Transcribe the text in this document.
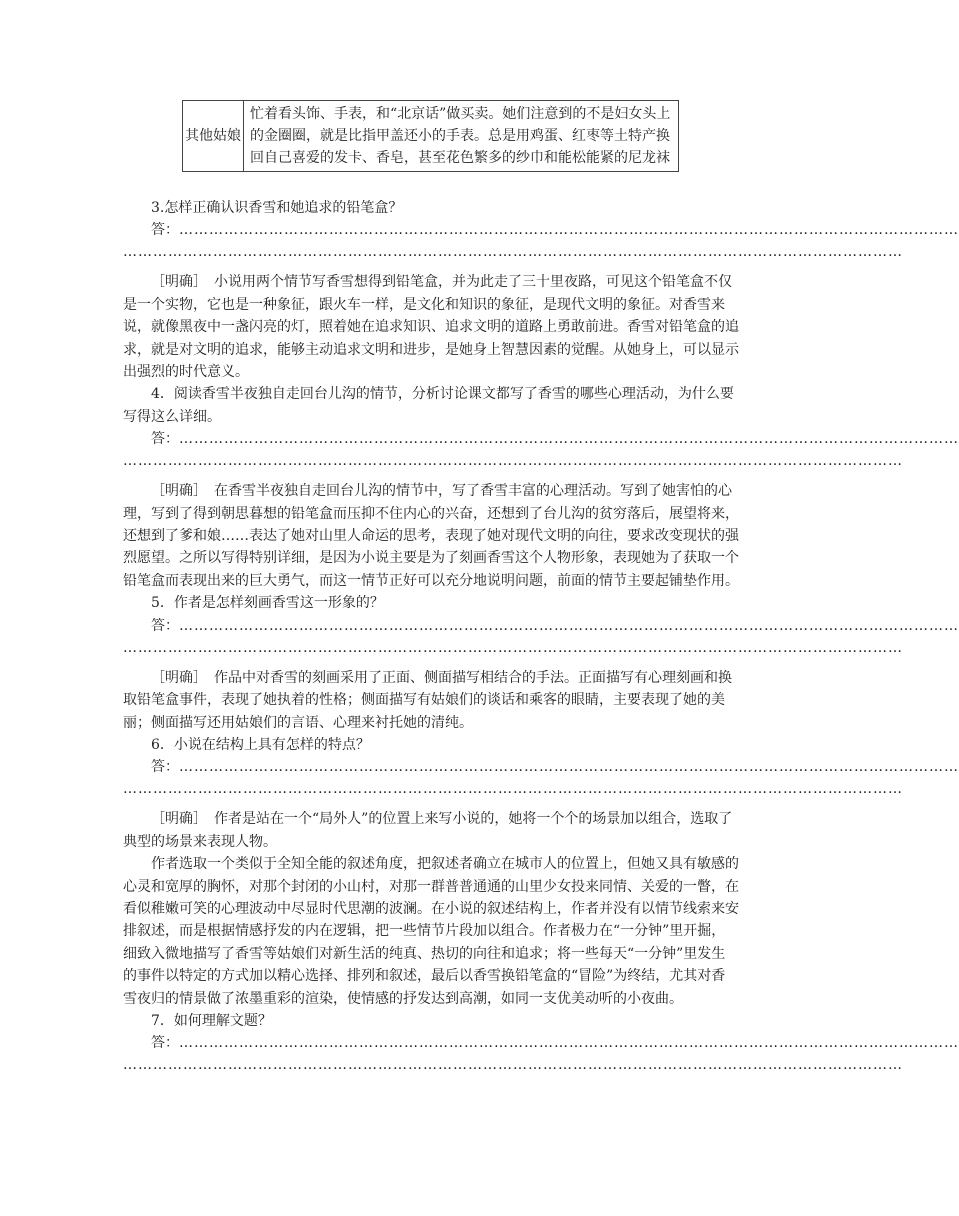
其他姑娘	忙着看头饰、手表，和“北京话”做买卖。她们注意到的不是妇女头上的金圈圈，就是比指甲盖还小的手表。总是用鸡蛋、红枣等土特产换回自己喜爱的发卡、香皂，甚至花色繁多的纱巾和能松能紧的尼龙袜

3.怎样正确认识香雪和她追求的铅笔盒？

答：…………………………………………………………………………………………………………………………………………
…………………………………………………………………………………………………………………………………………

［明确］　小说用两个情节写香雪想得到铅笔盒，并为此走了三十里夜路，可见这个铅笔盒不仅是一个实物，它也是一种象征，跟火车一样，是文化和知识的象征，是现代文明的象征。对香雪来说，就像黑夜中一盏闪亮的灯，照着她在追求知识、追求文明的道路上勇敢前进。香雪对铅笔盒的追求，就是对文明的追求，能够主动追求文明和进步，是她身上智慧因素的觉醒。从她身上，可以显示出强烈的时代意义。

4．阅读香雪半夜独自走回台儿沟的情节，分析讨论课文都写了香雪的哪些心理活动，为什么要写得这么详细。

答：…………………………………………………………………………………………………………………………………………
…………………………………………………………………………………………………………………………………………

［明确］　在香雪半夜独自走回台儿沟的情节中，写了香雪丰富的心理活动。写到了她害怕的心理，写到了得到朝思暮想的铅笔盒而压抑不住内心的兴奋，还想到了台儿沟的贫穷落后，展望将来，还想到了爹和娘……表达了她对山里人命运的思考，表现了她对现代文明的向往，要求改变现状的强烈愿望。之所以写得特别详细，是因为小说主要是为了刻画香雪这个人物形象，表现她为了获取一个铅笔盒而表现出来的巨大勇气，而这一情节正好可以充分地说明问题，前面的情节主要起铺垫作用。

5．作者是怎样刻画香雪这一形象的？

答：…………………………………………………………………………………………………………………………………………
…………………………………………………………………………………………………………………………………………

［明确］　作品中对香雪的刻画采用了正面、侧面描写相结合的手法。正面描写有心理刻画和换取铅笔盒事件，表现了她执着的性格；侧面描写有姑娘们的谈话和乘客的眼睛，主要表现了她的美丽；侧面描写还用姑娘们的言语、心理来衬托她的清纯。

6．小说在结构上具有怎样的特点？

答：…………………………………………………………………………………………………………………………………………
…………………………………………………………………………………………………………………………………………

［明确］　作者是站在一个“局外人”的位置上来写小说的，她将一个个的场景加以组合，选取了典型的场景来表现人物。

作者选取一个类似于全知全能的叙述角度，把叙述者确立在城市人的位置上，但她又具有敏感的心灵和宽厚的胸怀，对那个封闭的小山村，对那一群普普通通的山里少女投来同情、关爱的一瞥，在看似稚嫩可笑的心理波动中尽显时代思潮的波澜。在小说的叙述结构上，作者并没有以情节线索来安排叙述，而是根据情感抒发的内在逻辑，把一些情节片段加以组合。作者极力在“一分钟”里开掘，细致入微地描写了香雪等姑娘们对新生活的纯真、热切的向往和追求；将一些每天“一分钟”里发生的事件以特定的方式加以精心选择、排列和叙述，最后以香雪换铅笔盒的“冒险”为终结，尤其对香雪夜归的情景做了浓墨重彩的渲染，使情感的抒发达到高潮，如同一支优美动听的小夜曲。

7．如何理解文题？

答：…………………………………………………………………………………………………………………………………………
…………………………………………………………………………………………………………………………………………
